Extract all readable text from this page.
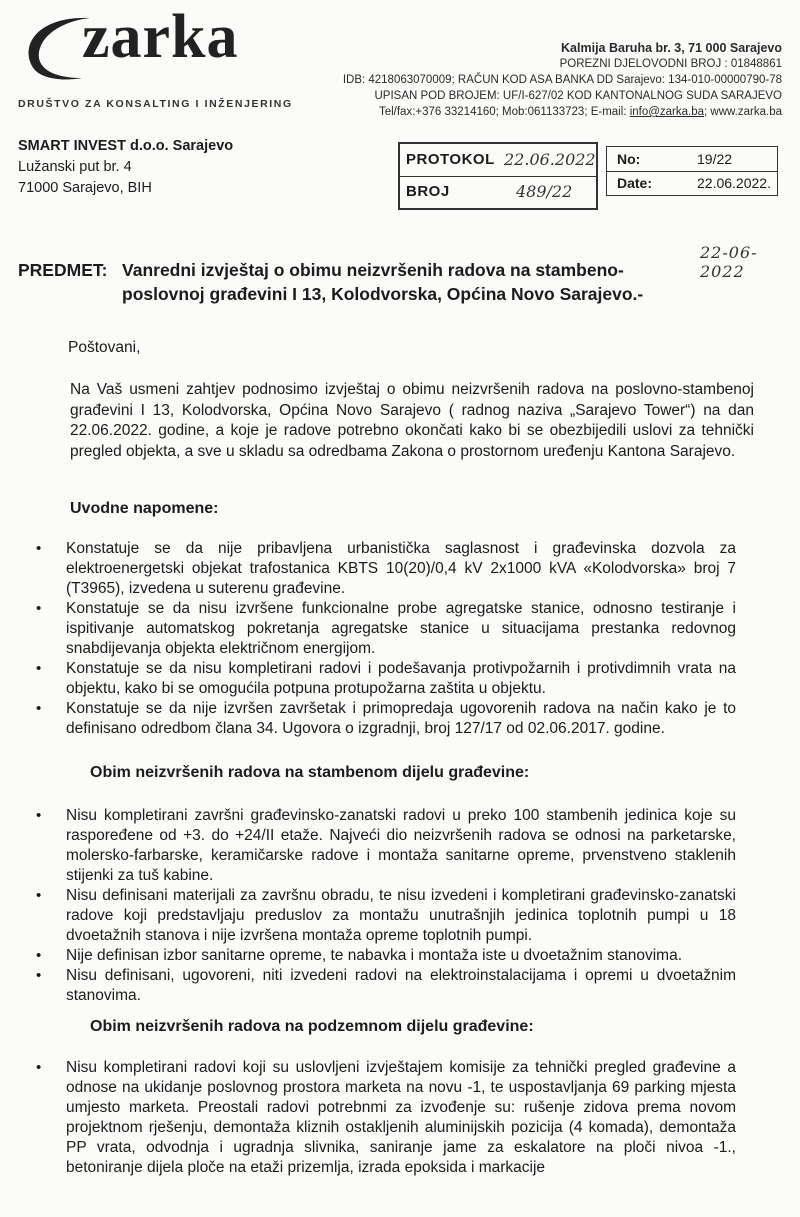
zarka
DRUŠTVO ZA KONSALTING I INŽENJERING
Kalmija Baruha br. 3, 71 000 Sarajevo
POREZNI DJELOVODNI BROJ : 01848861
IDB: 4218063070009; RAČUN KOD ASA BANKA DD Sarajevo: 134-010-00000790-78
UPISAN POD BROJEM: UF/I-627/02 KOD KANTONALNOG SUDA SARAJEVO
Tel/fax:+376 33214160; Mob:061133723; E-mail: info@zarka.ba; www.zarka.ba
SMART INVEST d.o.o. Sarajevo
Lužanski put br. 4
71000 Sarajevo, BIH
PROTOKOL 22.06.2022
BROJ	489/22
No:	19/22
Date:	22.06.2022.
22-06- 2022
PREDMET: Vanredni izvještaj o obimu neizvršenih radova na stambeno-
poslovnoj građevini I 13, Kolodvorska, Općina Novo Sarajevo.-
Poštovani,
Na Vaš usmeni zahtjev podnosimo izvještaj o obimu neizvršenih radova na poslovno-stambenoj građevini I 13, Kolodvorska, Općina Novo Sarajevo ( radnog naziva „Sarajevo Tower“) na dan 22.06.2022. godine, a koje je radove potrebno okončati kako bi se obezbijedili uslovi za tehnički pregled objekta, a sve u skladu sa odredbama Zakona o prostornom uređenju Kantona Sarajevo.
Uvodne napomene:
• Konstatuje se da nije pribavljena urbanistička saglasnost i građevinska dozvola za elektroenergetski objekat trafostanica KBTS 10(20)/0,4 kV 2x1000 kVA «Kolodvorska» broj 7 (T3965), izvedena u suterenu građevine.
• Konstatuje se da nisu izvršene funkcionalne probe agregatske stanice, odnosno testiranje i ispitivanje automatskog pokretanja agregatske stanice u situacijama prestanka redovnog snabdijevanja objekta električnom energijom.
• Konstatuje se da nisu kompletirani radovi i podešavanja protivpožarnih i protivdimnih vrata na objektu, kako bi se omogućila potpuna protupožarna zaštita u objektu.
• Konstatuje se da nije izvršen završetak i primopredaja ugovorenih radova na način kako je to definisano odredbom člana 34. Ugovora o izgradnji, broj 127/17 od 02.06.2017. godine.
Obim neizvršenih radova na stambenom dijelu građevine:
• Nisu kompletirani završni građevinsko-zanatski radovi u preko 100 stambenih jedinica koje su raspoređene od +3. do +24/II etaže. Najveći dio neizvršenih radova se odnosi na parketarske, molersko-farbarske, keramičarske radove i montaža sanitarne opreme, prvenstveno staklenih stijenki za tuš kabine.
• Nisu definisani materijali za završnu obradu, te nisu izvedeni i kompletirani građevinsko-zanatski radove koji predstavljaju preduslov za montažu unutrašnjih jedinica toplotnih pumpi u 18 dvoetažnih stanova i nije izvršena montaža opreme toplotnih pumpi.
• Nije definisan izbor sanitarne opreme, te nabavka i montaža iste u dvoetažnim stanovima.
• Nisu definisani, ugovoreni, niti izvedeni radovi na elektroinstalacijama i opremi u dvoetažnim stanovima.
Obim neizvršenih radova na podzemnom dijelu građevine:
• Nisu kompletirani radovi koji su uslovljeni izvještajem komisije za tehnički pregled građevine a odnose na ukidanje poslovnog prostora marketa na novu -1, te uspostavljanja 69 parking mjesta umjesto marketa. Preostali radovi potrebnmi za izvođenje su: rušenje zidova prema novom projektnom rješenju, demontaža kliznih ostakljenih aluminijskih pozicija (4 komada), demontaža PP vrata, odvodnja i ugradnja slivnika, saniranje jame za eskalatore na ploči nivoa -1., betoniranje dijela ploče na etaži prizemlja, izrada epoksida i markacije
